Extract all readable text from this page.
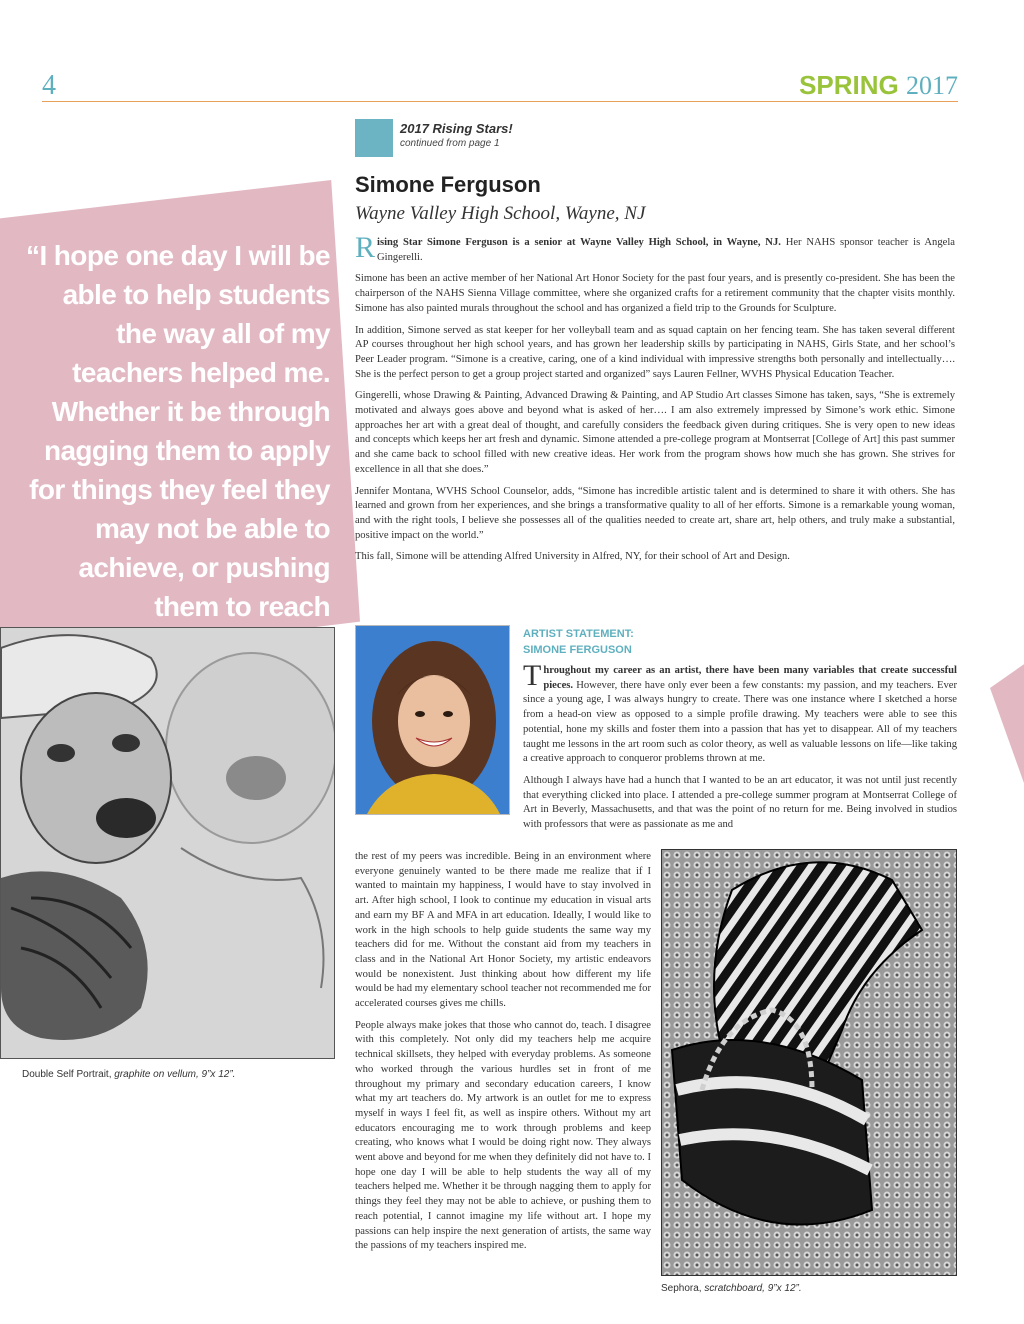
4	SPRING 2017
“I hope one day I will be able to help students the way all of my teachers helped me. Whether it be through nagging them to apply for things they feel they may not be able to achieve, or pushing them to reach
2017 Rising Stars!
continued from page 1
Simone Ferguson
Wayne Valley High School, Wayne, NJ

Rising Star Simone Ferguson is a senior at Wayne Valley High School, in Wayne, NJ. Her NAHS sponsor teacher is Angela Gingerelli.

Simone has been an active member of her National Art Honor Society for the past four years, and is presently co-president. She has been the chairperson of the NAHS Sienna Village committee, where she organized crafts for a retirement community that the chapter visits monthly. Simone has also painted murals throughout the school and has organized a field trip to the Grounds for Sculpture.

In addition, Simone served as stat keeper for her volleyball team and as squad captain on her fencing team. She has taken several different AP courses throughout her high school years, and has grown her leadership skills by participating in NAHS, Girls State, and her school’s Peer Leader program. “Simone is a creative, caring, one of a kind individual with impressive strengths both personally and intellectually…. She is the perfect person to get a group project started and organized” says Lauren Fellner, WVHS Physical Education Teacher.

Gingerelli, whose Drawing & Painting, Advanced Drawing & Painting, and AP Studio Art classes Simone has taken, says, “She is extremely motivated and always goes above and beyond what is asked of her…. I am also extremely impressed by Simone’s work ethic. Simone approaches her art with a great deal of thought, and carefully considers the feedback given during critiques. She is very open to new ideas and concepts which keeps her art fresh and dynamic. Simone attended a pre-college program at Montserrat [College of Art] this past summer and she came back to school filled with new creative ideas. Her work from the program shows how much she has grown. She strives for excellence in all that she does.”

Jennifer Montana, WVHS School Counselor, adds, “Simone has incredible artistic talent and is determined to share it with others. She has learned and grown from her experiences, and she brings a transformative quality to all of her efforts. Simone is a remarkable young woman, and with the right tools, I believe she possesses all of the qualities needed to create art, share art, help others, and truly make a substantial, positive impact on the world.”

This fall, Simone will be attending Alfred University in Alfred, NY, for their school of Art and Design.

Double Self Portrait, graphite on vellum, 9”x 12”.
ARTIST STATEMENT:
SIMONE FERGUSON

Throughout my career as an artist, there have been many variables that create successful pieces. However, there have only ever been a few constants: my passion, and my teachers. Ever since a young age, I was always hungry to create. There was one instance where I sketched a horse from a head-on view as opposed to a simple profile drawing. My teachers were able to see this potential, hone my skills and foster them into a passion that has yet to disappear. All of my teachers taught me lessons in the art room such as color theory, as well as valuable lessons on life—like taking a creative approach to conqueror problems thrown at me.

Although I always have had a hunch that I wanted to be an art educator, it was not until just recently that everything clicked into place. I attended a pre-college summer program at Montserrat College of Art in Beverly, Massachusetts, and that was the point of no return for me. Being involved in studios with professors that were as passionate as me and

the rest of my peers was incredible. Being in an environment where everyone genuinely wanted to be there made me realize that if I wanted to maintain my happiness, I would have to stay involved in art. After high school, I look to continue my education in visual arts and earn my BF A and MFA in art education. Ideally, I would like to work in the high schools to help guide students the same way my teachers did for me. Without the constant aid from my teachers in class and in the National Art Honor Society, my artistic endeavors would be nonexistent. Just thinking about how different my life would be had my elementary school teacher not recommended me for accelerated courses gives me chills.

People always make jokes that those who cannot do, teach. I disagree with this completely. Not only did my teachers help me acquire technical skillsets, they helped with everyday problems. As someone who worked through the various hurdles set in front of me throughout my primary and secondary education careers, I know what my art teachers do. My artwork is an outlet for me to express myself in ways I feel fit, as well as inspire others. Without my art educators encouraging me to work through problems and keep creating, who knows what I would be doing right now. They always went above and beyond for me when they definitely did not have to. I hope one day I will be able to help students the way all of my teachers helped me. Whether it be through nagging them to apply for things they feel they may not be able to achieve, or pushing them to reach potential, I cannot imagine my life without art. I hope my passions can help inspire the next generation of artists, the same way the passions of my teachers inspired me.

Sephora, scratchboard, 9”x 12”.
